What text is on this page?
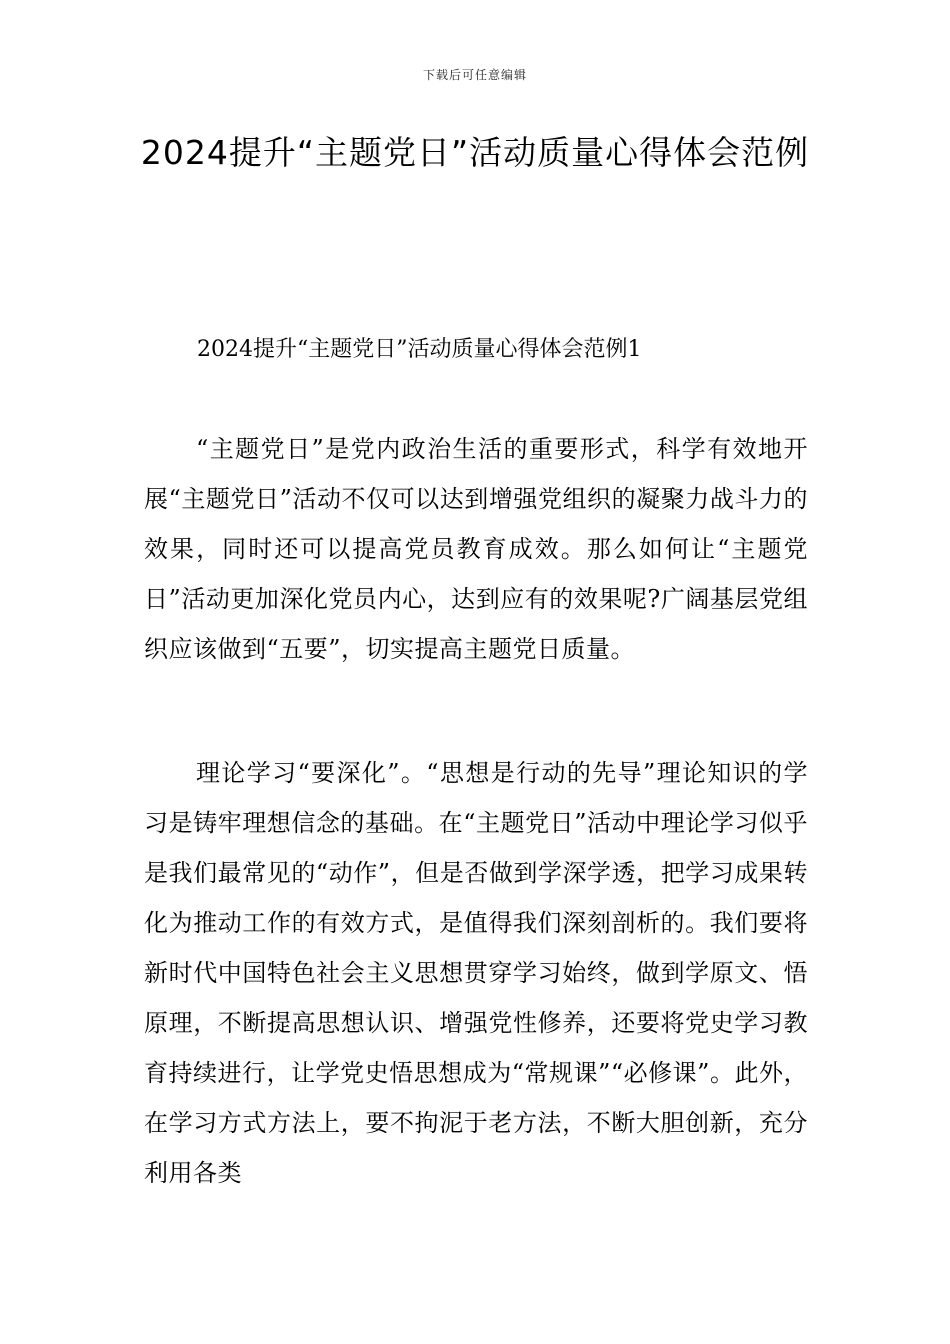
下载后可任意编辑
2024提升“主题党日”活动质量心得体会范例
2024提升“主题党日”活动质量心得体会范例1

“主题党日”是党内政治生活的重要形式，科学有效地开展“主题党日”活动不仅可以达到增强党组织的凝聚力战斗力的效果，同时还可以提高党员教育成效。那么如何让“主题党日”活动更加深化党员内心，达到应有的效果呢?广阔基层党组织应该做到“五要”，切实提高主题党日质量。

理论学习“要深化”。“思想是行动的先导”理论知识的学习是铸牢理想信念的基础。在“主题党日”活动中理论学习似乎是我们最常见的“动作”，但是否做到学深学透，把学习成果转化为推动工作的有效方式，是值得我们深刻剖析的。我们要将新时代中国特色社会主义思想贯穿学习始终，做到学原文、悟原理，不断提高思想认识、增强党性修养，还要将党史学习教育持续进行，让学党史悟思想成为“常规课”“必修课”。此外，在学习方式方法上，要不拘泥于老方法，不断大胆创新，充分利用各类
